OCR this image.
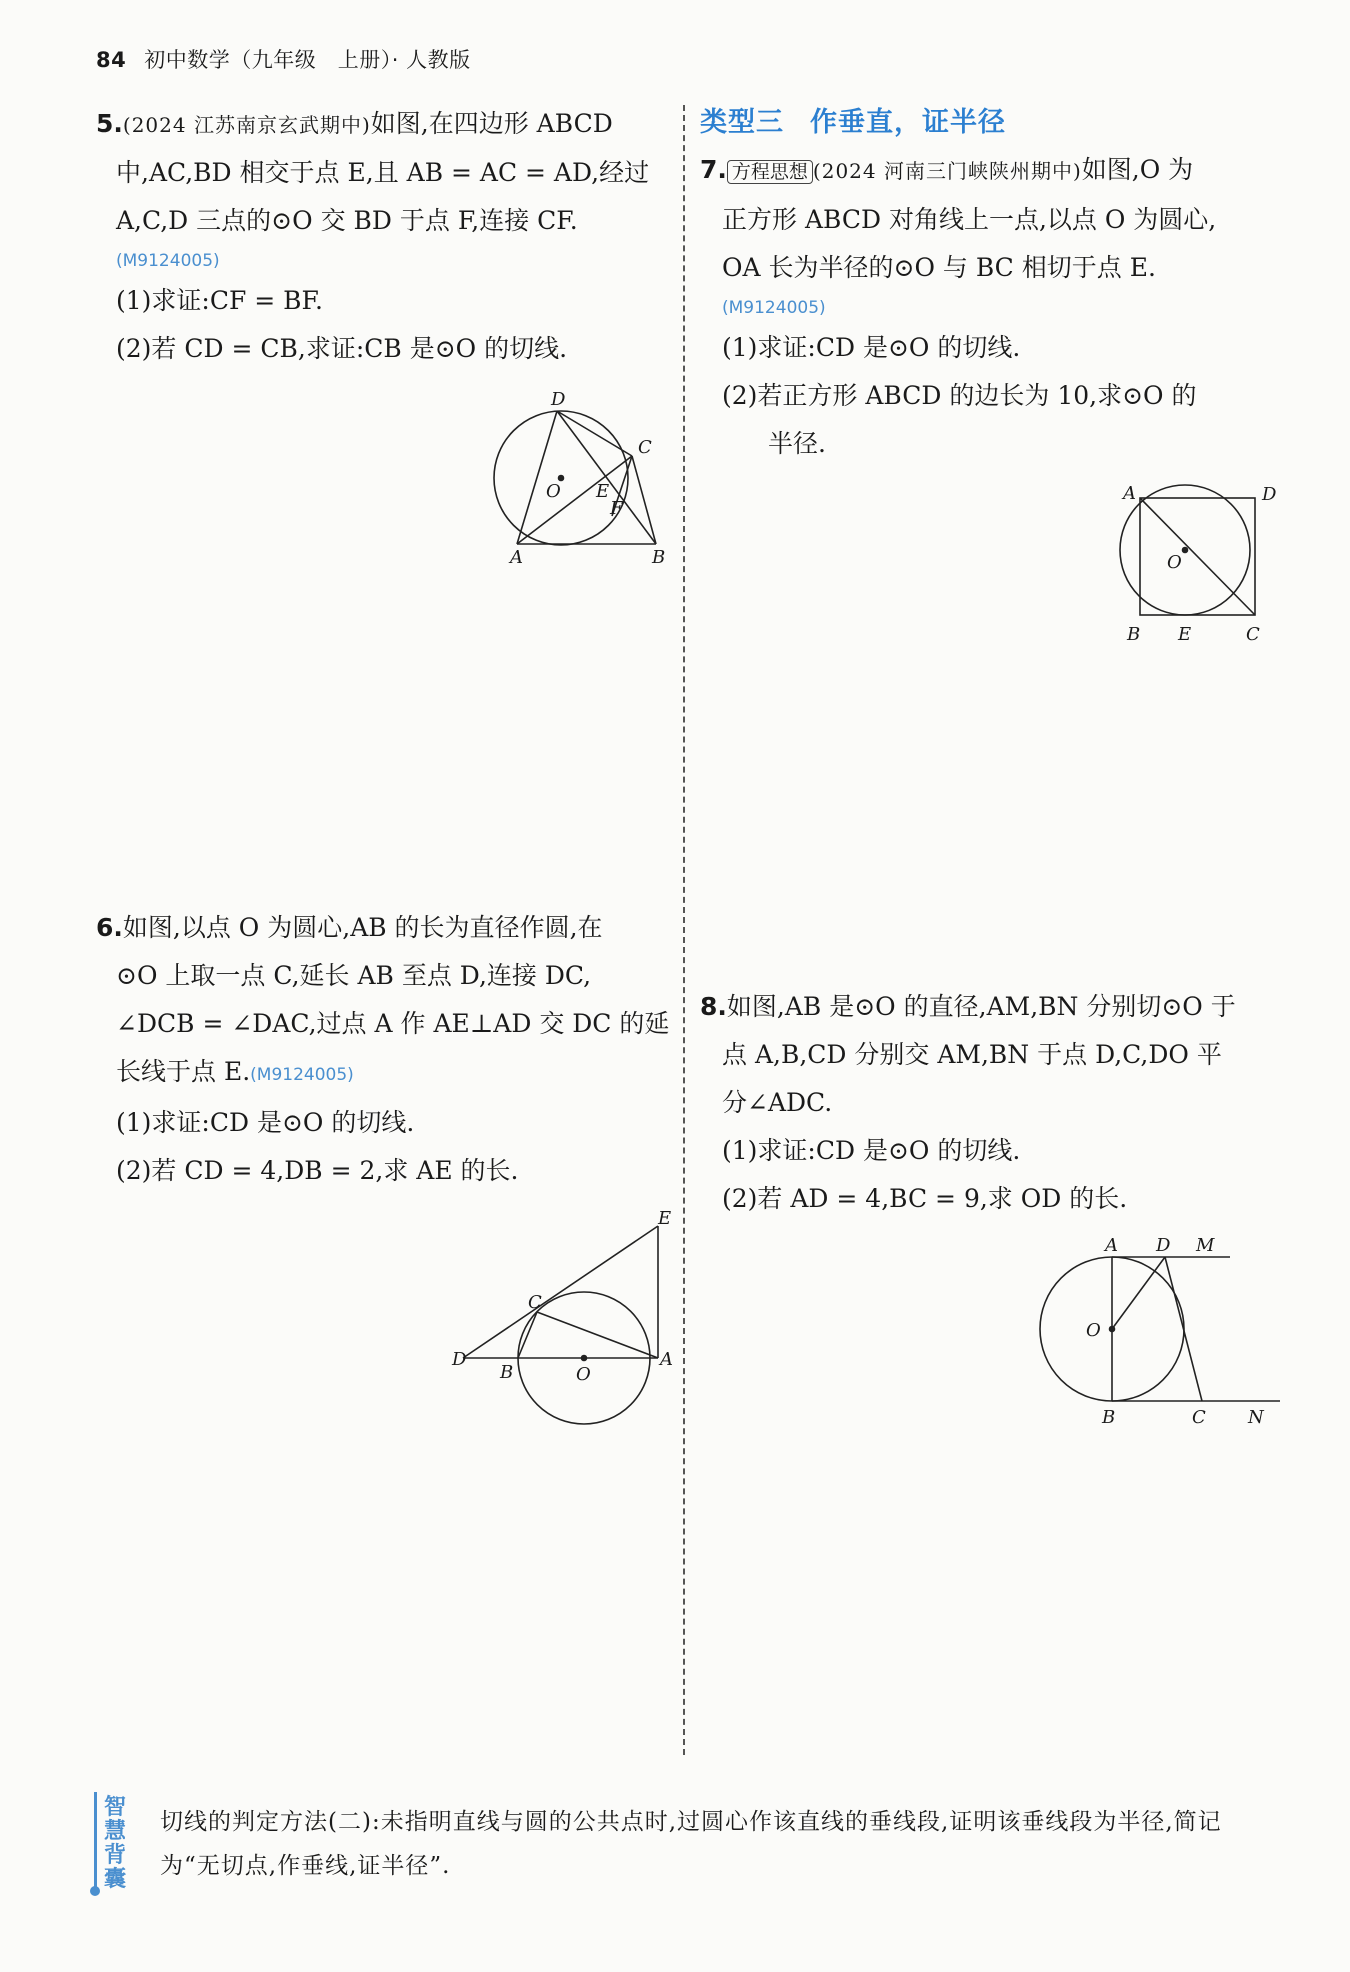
84 初中数学（九年级　上册）· 人教版
5.(2024 江苏南京玄武期中)如图,在四边形 ABCD
中,AC,BD 相交于点 E,且 AB = AC = AD,经过
A,C,D 三点的⊙O 交 BD 于点 F,连接 CF.
(M9124005)
(1)求证:CF = BF.
(2)若 CD = CB,求证:CB 是⊙O 的切线.
D
C
O E
F
A	B
6.如图,以点 O 为圆心,AB 的长为直径作圆,在
⊙O 上取一点 C,延长 AB 至点 D,连接 DC,
∠DCB = ∠DAC,过点 A 作 AE⊥AD 交 DC 的延
长线于点 E.(M9124005)
(1)求证:CD 是⊙O 的切线.
(2)若 CD = 4,DB = 2,求 AE 的长.
E
C
D
B	O
A
类型三 作垂直，证半径
7. 方程思想 (2024 河南三门峡陕州期中)如图,O 为
正方形 ABCD 对角线上一点,以点 O 为圆心,
OA 长为半径的⊙O 与 BC 相切于点 E.
(M9124005)
(1)求证:CD 是⊙O 的切线.
(2)若正方形 ABCD 的边长为 10,求⊙O 的
半径.
A	D
O
B E	C
8.如图,AB 是⊙O 的直径,AM,BN 分别切⊙O 于
点 A,B,CD 分别交 AM,BN 于点 D,C,DO 平
分∠ADC.
(1)求证:CD 是⊙O 的切线.
(2)若 AD = 4,BC = 9,求 OD 的长.
A D M
O
B	C N
智慧背囊
切线的判定方法(二):未指明直线与圆的公共点时,过圆心作该直线的垂线段,证明该垂线段为半径,简记为“无切点,作垂线,证半径”.
